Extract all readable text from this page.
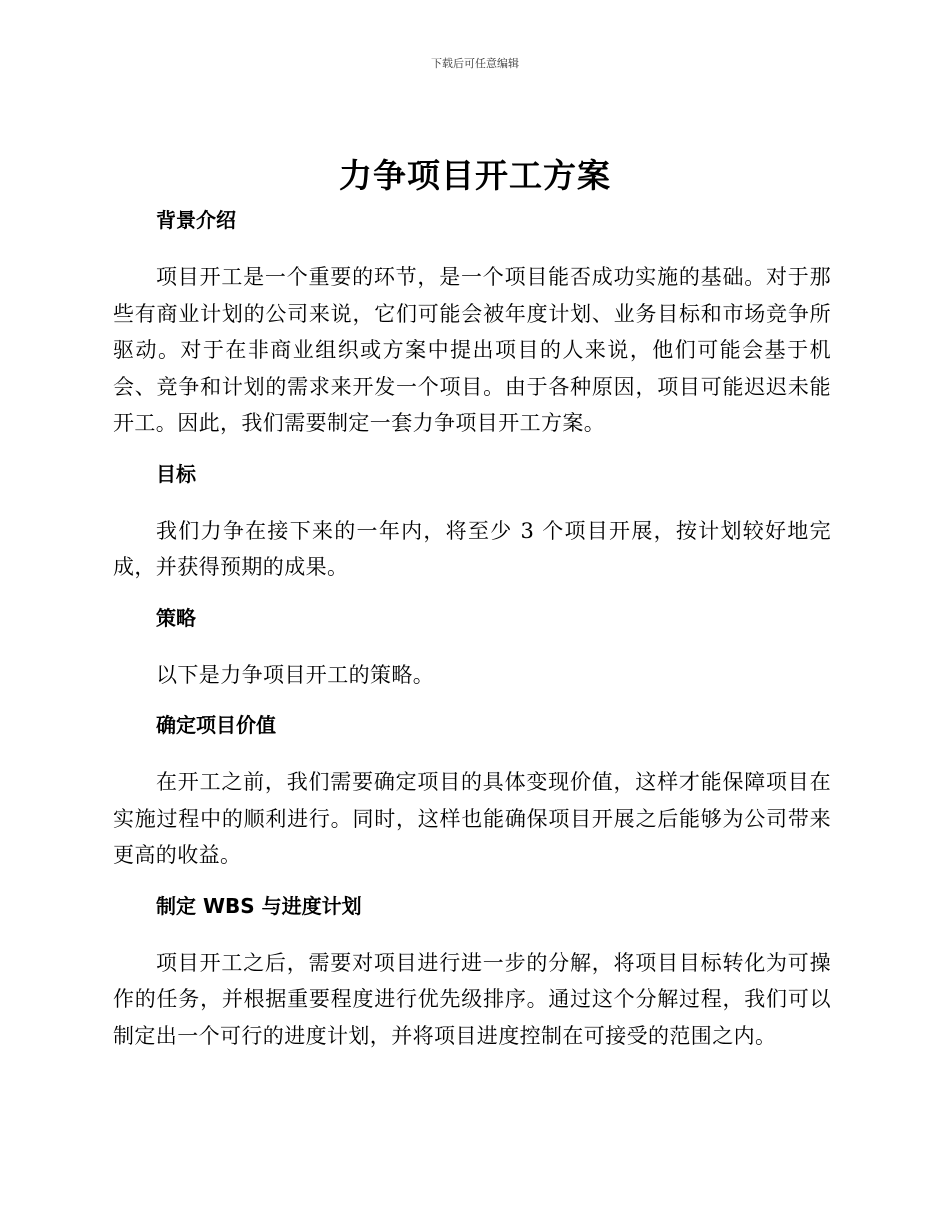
下载后可任意编辑
力争项目开工方案

背景介绍

项目开工是一个重要的环节，是一个项目能否成功实施的基础。对于那些有商业计划的公司来说，它们可能会被年度计划、业务目标和市场竞争所驱动。对于在非商业组织或方案中提出项目的人来说，他们可能会基于机会、竞争和计划的需求来开发一个项目。由于各种原因，项目可能迟迟未能开工。因此，我们需要制定一套力争项目开工方案。

目标

我们力争在接下来的一年内，将至少 3 个项目开展，按计划较好地完成，并获得预期的成果。

策略

以下是力争项目开工的策略。

确定项目价值

在开工之前，我们需要确定项目的具体变现价值，这样才能保障项目在实施过程中的顺利进行。同时，这样也能确保项目开展之后能够为公司带来更高的收益。

制定 WBS 与进度计划

项目开工之后，需要对项目进行进一步的分解，将项目目标转化为可操作的任务，并根据重要程度进行优先级排序。通过这个分解过程，我们可以制定出一个可行的进度计划，并将项目进度控制在可接受的范围之内。
